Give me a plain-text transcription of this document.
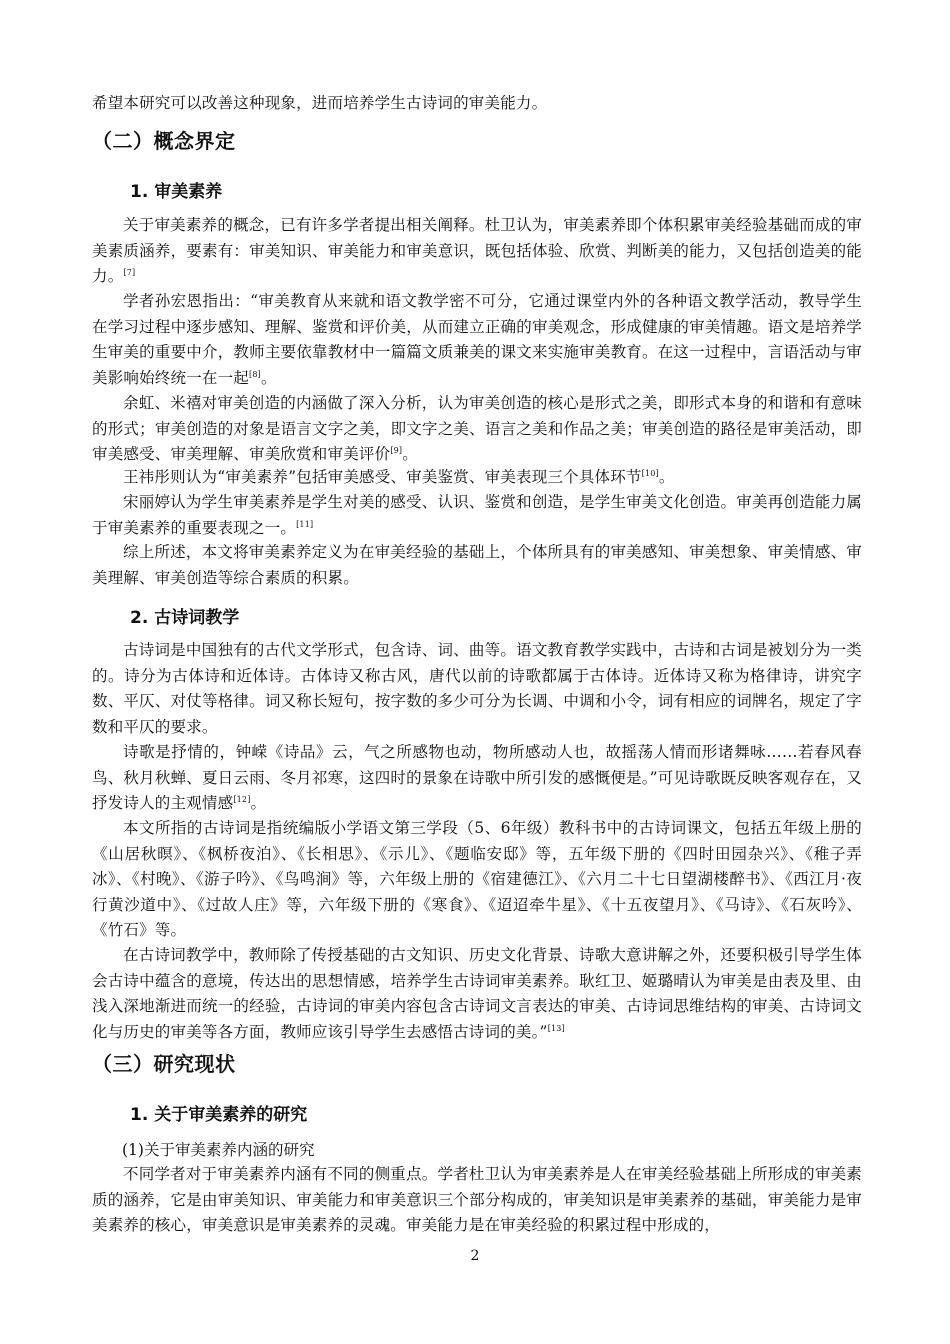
希望本研究可以改善这种现象，进而培养学生古诗词的审美能力。
（二）概念界定
1. 审美素养
关于审美素养的概念，已有许多学者提出相关阐释。杜卫认为，审美素养即个体积累审美经验基础而成的审美素质涵养，要素有：审美知识、审美能力和审美意识，既包括体验、欣赏、判断美的能力，又包括创造美的能力。[7]
学者孙宏恩指出：“审美教育从来就和语文教学密不可分，它通过课堂内外的各种语文教学活动，教导学生在学习过程中逐步感知、理解、鉴赏和评价美，从而建立正确的审美观念，形成健康的审美情趣。语文是培养学生审美的重要中介，教师主要依靠教材中一篇篇文质兼美的课文来实施审美教育。在这一过程中，言语活动与审美影响始终统一在一起[8]。
余虹、米禧对审美创造的内涵做了深入分析，认为审美创造的核心是形式之美，即形式本身的和谐和有意味的形式；审美创造的对象是语言文字之美，即文字之美、语言之美和作品之美；审美创造的路径是审美活动，即审美感受、审美理解、审美欣赏和审美评价[9]。
王祎彤则认为“审美素养”包括审美感受、审美鉴赏、审美表现三个具体环节[10]。
宋丽婷认为学生审美素养是学生对美的感受、认识、鉴赏和创造，是学生审美文化创造。审美再创造能力属于审美素养的重要表现之一。[11]
综上所述，本文将审美素养定义为在审美经验的基础上，个体所具有的审美感知、审美想象、审美情感、审美理解、审美创造等综合素质的积累。
2. 古诗词教学
古诗词是中国独有的古代文学形式，包含诗、词、曲等。语文教育教学实践中，古诗和古词是被划分为一类的。诗分为古体诗和近体诗。古体诗又称古风，唐代以前的诗歌都属于古体诗。近体诗又称为格律诗，讲究字数、平仄、对仗等格律。词又称长短句，按字数的多少可分为长调、中调和小令，词有相应的词牌名，规定了字数和平仄的要求。
诗歌是抒情的，钟嵘《诗品》云，气之所感物也动，物所感动人也，故摇荡人情而形诸舞咏……若春风春鸟、秋月秋蝉、夏日云雨、冬月祁寒，这四时的景象在诗歌中所引发的感慨便是。”可见诗歌既反映客观存在，又抒发诗人的主观情感[12]。
本文所指的古诗词是指统编版小学语文第三学段（5、6年级）教科书中的古诗词课文，包括五年级上册的《山居秋暝》、《枫桥夜泊》、《长相思》、《示儿》、《题临安邸》等，五年级下册的《四时田园杂兴》、《稚子弄冰》、《村晚》、《游子吟》、《鸟鸣涧》等，六年级上册的《宿建德江》、《六月二十七日望湖楼醉书》、《西江月·夜行黄沙道中》、《过故人庄》等，六年级下册的《寒食》、《迢迢牵牛星》、《十五夜望月》、《马诗》、《石灰吟》、《竹石》等。
在古诗词教学中，教师除了传授基础的古文知识、历史文化背景、诗歌大意讲解之外，还要积极引导学生体会古诗中蕴含的意境，传达出的思想情感，培养学生古诗词审美素养。耿红卫、姬璐晴认为审美是由表及里、由浅入深地渐进而统一的经验，古诗词的审美内容包含古诗词文言表达的审美、古诗词思维结构的审美、古诗词文化与历史的审美等各方面，教师应该引导学生去感悟古诗词的美。”[13]
（三）研究现状
1. 关于审美素养的研究
(1)关于审美素养内涵的研究
不同学者对于审美素养内涵有不同的侧重点。学者杜卫认为审美素养是人在审美经验基础上所形成的审美素质的涵养，它是由审美知识、审美能力和审美意识三个部分构成的，审美知识是审美素养的基础，审美能力是审美素养的核心，审美意识是审美素养的灵魂。审美能力是在审美经验的积累过程中形成的，
2
